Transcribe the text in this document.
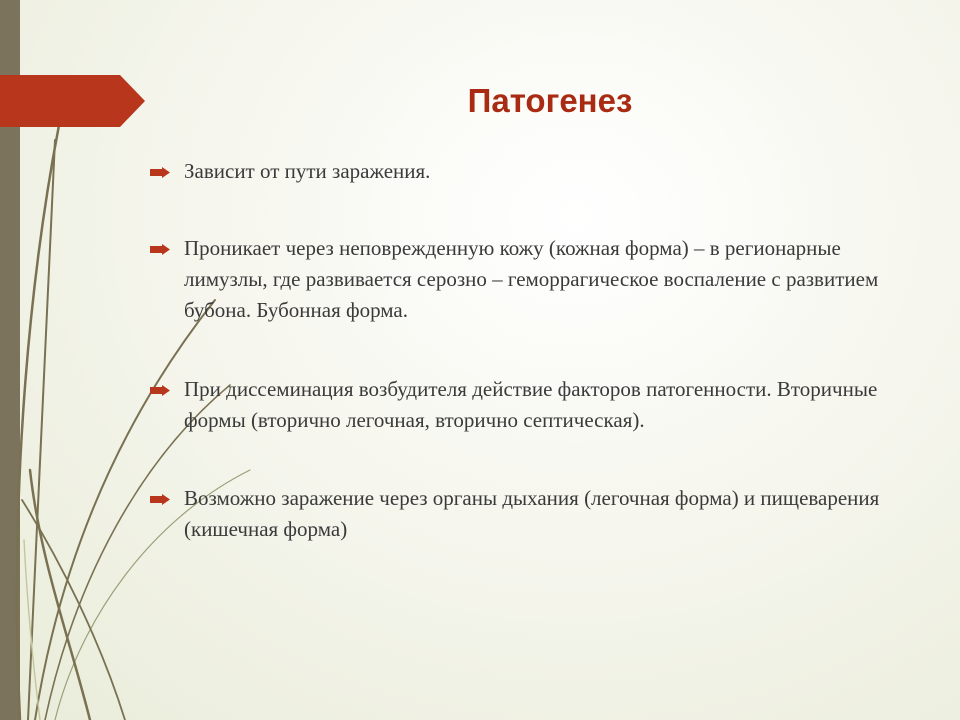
Патогенез
Зависит от пути заражения.
Проникает через неповрежденную кожу (кожная форма) – в регионарные лимузлы, где развивается серозно – геморрагическое воспаление с развитием бубона. Бубонная форма.
При диссеминация возбудителя действие факторов патогенности. Вторичные формы (вторично легочная, вторично септическая).
Возможно заражение через органы дыхания (легочная форма) и пищеварения (кишечная форма)
